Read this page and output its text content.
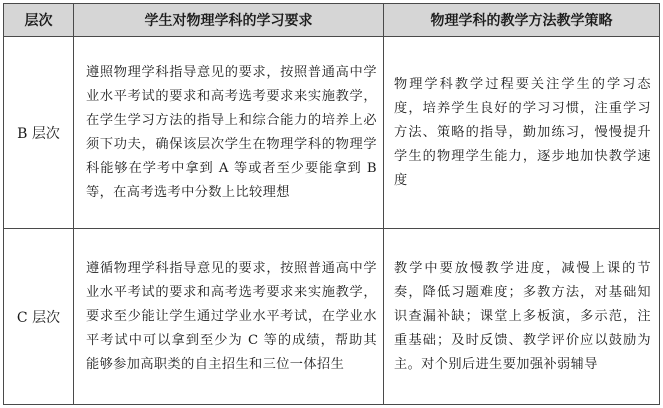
层次	学生对物理学科的学习要求	物理学科的教学方法教学策略
B 层次	遵照物理学科指导意见的要求，按照普通高中学业水平考试的要求和高考选考要求来实施教学，在学生学习方法的指导上和综合能力的培养上必须下功夫，确保该层次学生在物理学科的物理学科能够在学考中拿到 A 等或者至少要能拿到 B 等，在高考选考中分数上比较理想	物理学科教学过程要关注学生的学习态度，培养学生良好的学习习惯，注重学习方法、策略的指导，勤加练习，慢慢提升学生的物理学生能力，逐步地加快教学速度
C 层次	遵循物理学科指导意见的要求，按照普通高中学业水平考试的要求和高考选考要求来实施教学，要求至少能让学生通过学业水平考试，在学业水平考试中可以拿到至少为 C 等的成绩，帮助其能够参加高职类的自主招生和三位一体招生	教学中要放慢教学进度，减慢上课的节奏，降低习题难度；多教方法，对基础知识查漏补缺；课堂上多板演，多示范，注重基础；及时反馈、教学评价应以鼓励为主。对个别后进生要加强补弱辅导
